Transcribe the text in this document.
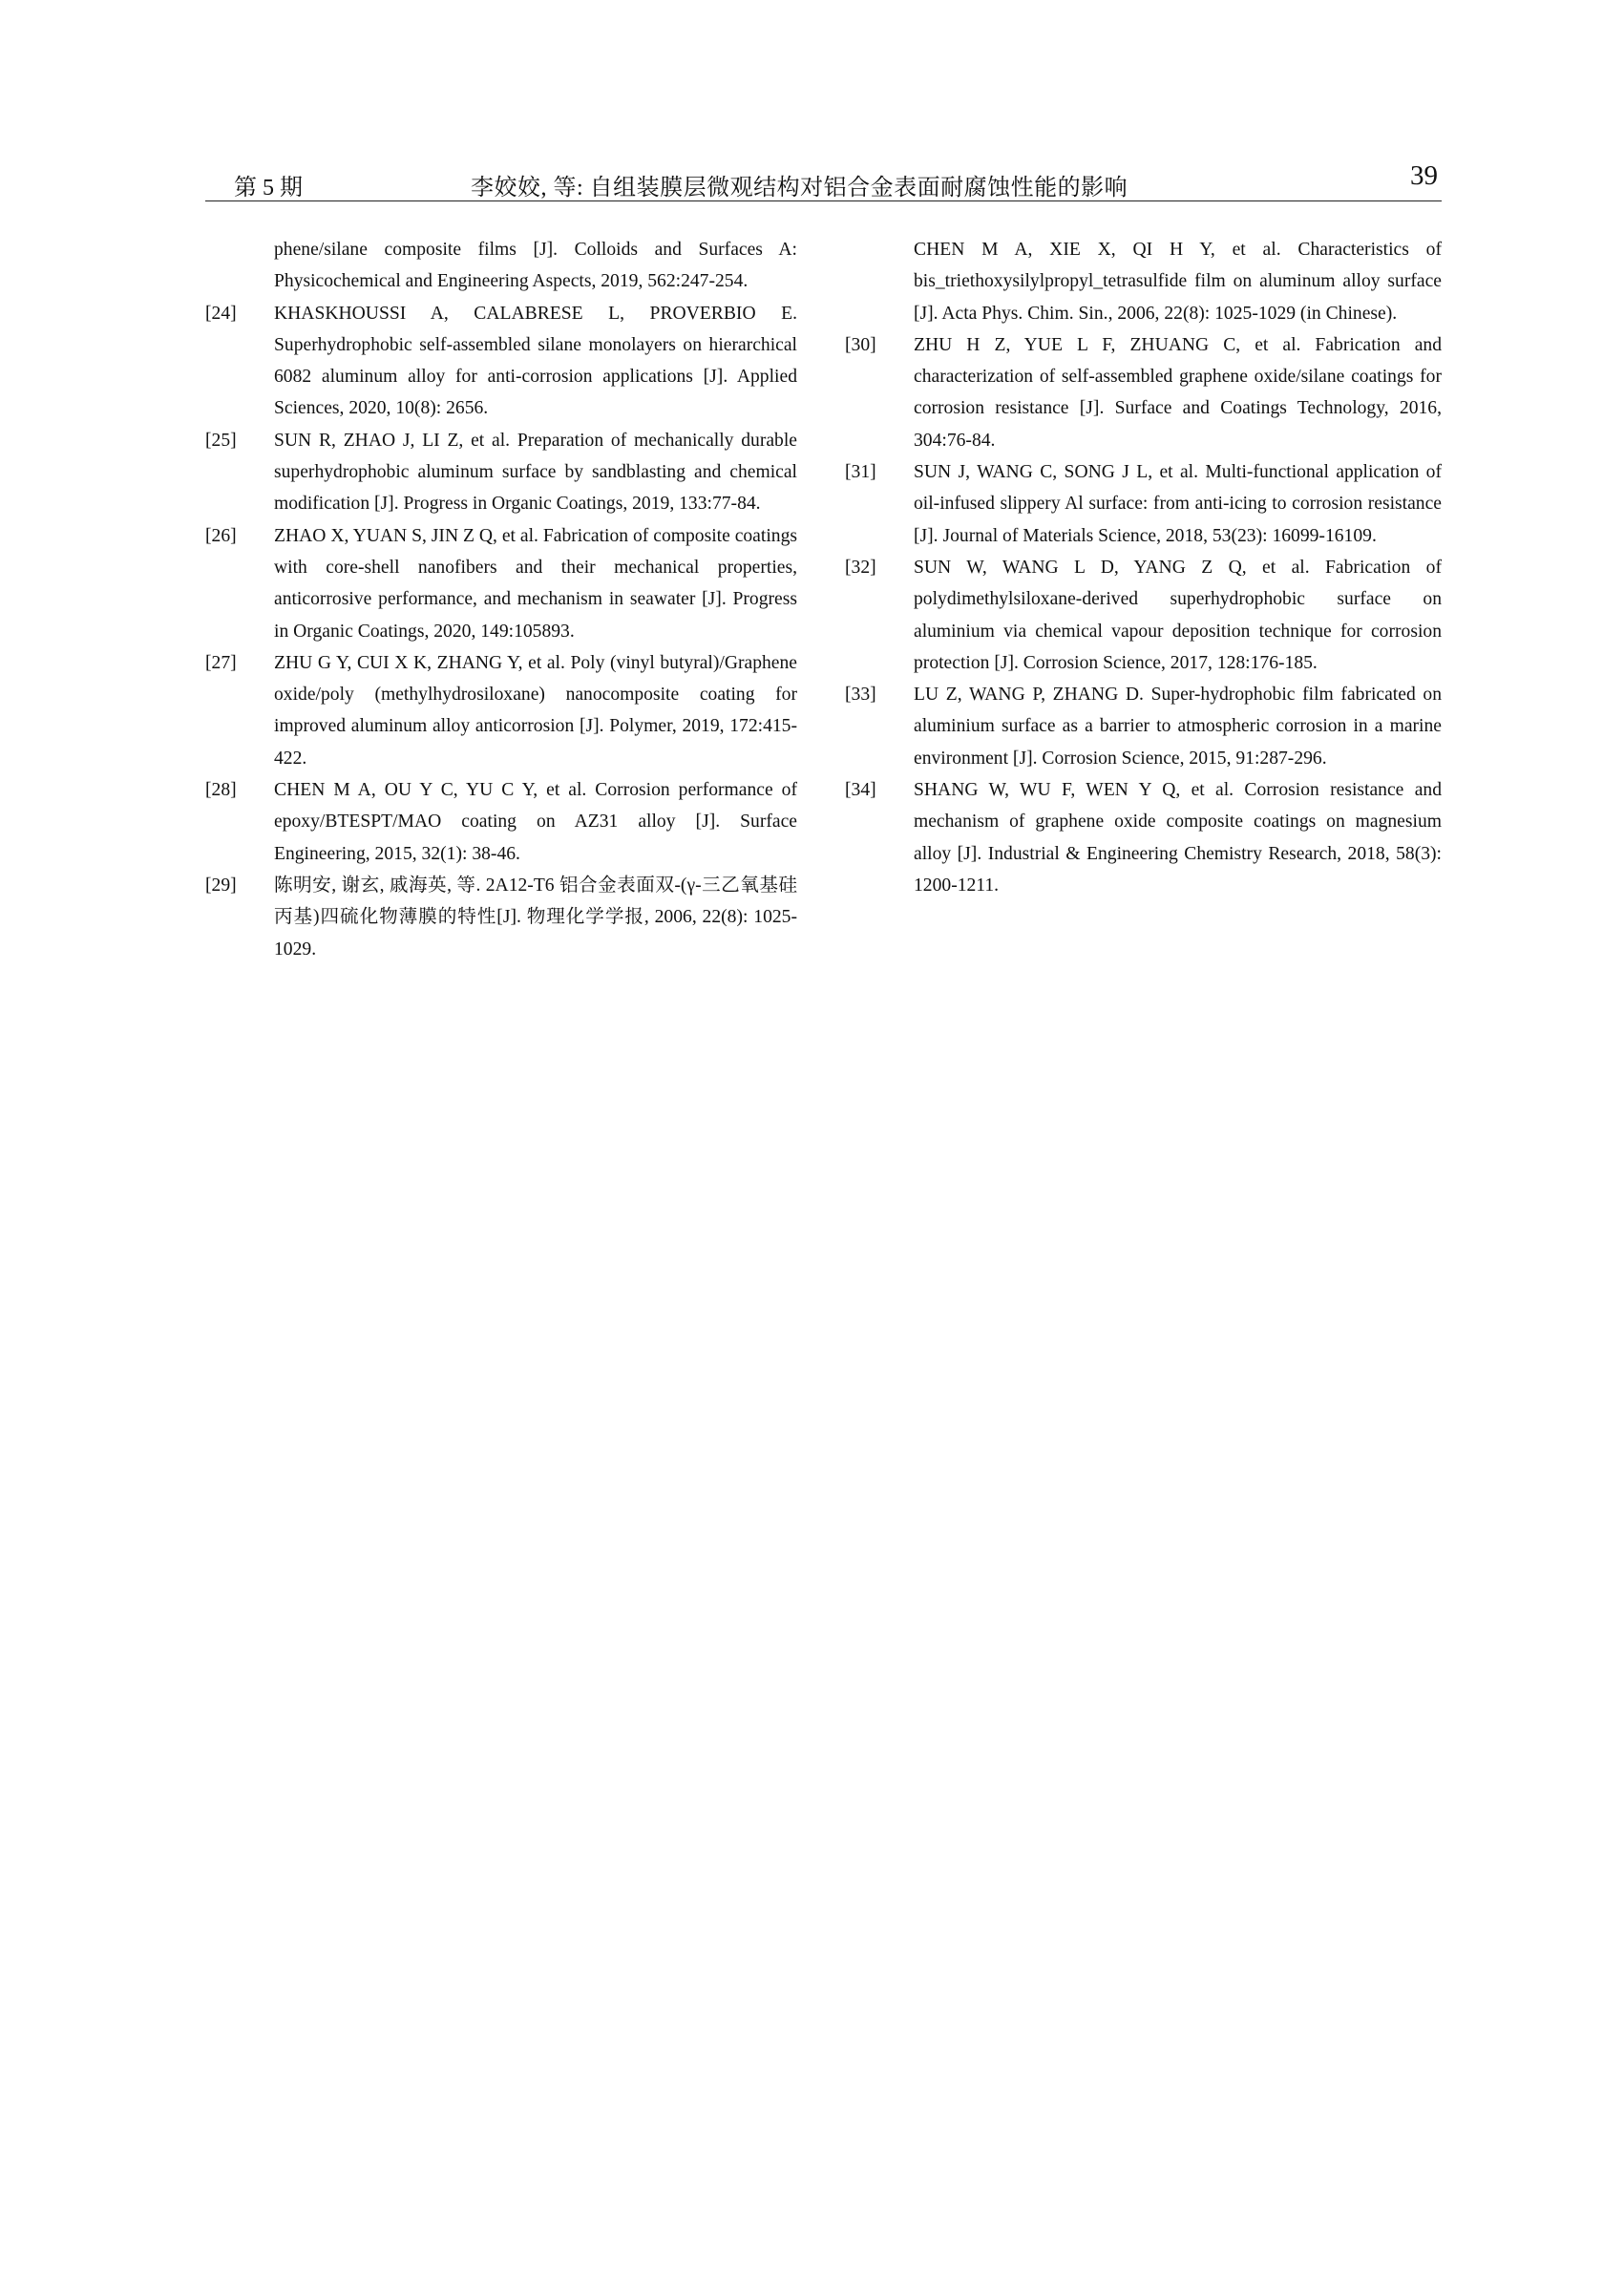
第 5 期	李姣姣, 等: 自组装膜层微观结构对铝合金表面耐腐蚀性能的影响	39
phene/silane composite films [J]. Colloids and Surfaces A: Physicochemical and Engineering Aspects, 2019, 562:247-254.
[24]	KHASKHOUSSI A, CALABRESE L, PROVERBIO E. Superhydrophobic self-assembled silane monolayers on hierarchical 6082 aluminum alloy for anti-corrosion applications [J]. Applied Sciences, 2020, 10(8): 2656.
[25]	SUN R, ZHAO J, LI Z, et al. Preparation of mechanically durable superhydrophobic aluminum surface by sandblasting and chemical modification [J]. Progress in Organic Coatings, 2019, 133:77-84.
[26]	ZHAO X, YUAN S, JIN Z Q, et al. Fabrication of composite coatings with core-shell nanofibers and their mechanical properties, anticorrosive performance, and mechanism in seawater [J]. Progress in Organic Coatings, 2020, 149:105893.
[27]	ZHU G Y, CUI X K, ZHANG Y, et al. Poly (vinyl butyral)/Graphene oxide/poly (methylhydrosiloxane) nanocomposite coating for improved aluminum alloy anticorrosion [J]. Polymer, 2019, 172:415-422.
[28]	CHEN M A, OU Y C, YU C Y, et al. Corrosion performance of epoxy/BTESPT/MAO coating on AZ31 alloy [J]. Surface Engineering, 2015, 32(1): 38-46.
[29]	陈明安, 谢玄, 戚海英, 等. 2A12-T6 铝合金表面双-(γ-三乙氧基硅丙基)四硫化物薄膜的特性[J]. 物理化学学报, 2006, 22(8): 1025-1029.
CHEN M A, XIE X, QI H Y, et al. Characteristics of bis_triethoxysilylpropyl_tetrasulfide film on aluminum alloy surface [J]. Acta Phys. Chim. Sin., 2006, 22(8): 1025-1029 (in Chinese).
[30]	ZHU H Z, YUE L F, ZHUANG C, et al. Fabrication and characterization of self-assembled graphene oxide/silane coatings for corrosion resistance [J]. Surface and Coatings Technology, 2016, 304:76-84.
[31]	SUN J, WANG C, SONG J L, et al. Multi-functional application of oil-infused slippery Al surface: from anti-icing to corrosion resistance [J]. Journal of Materials Science, 2018, 53(23): 16099-16109.
[32]	SUN W, WANG L D, YANG Z Q, et al. Fabrication of polydimethylsiloxane-derived superhydrophobic surface on aluminium via chemical vapour deposition technique for corrosion protection [J]. Corrosion Science, 2017, 128:176-185.
[33]	LU Z, WANG P, ZHANG D. Super-hydrophobic film fabricated on aluminium surface as a barrier to atmospheric corrosion in a marine environment [J]. Corrosion Science, 2015, 91:287-296.
[34]	SHANG W, WU F, WEN Y Q, et al. Corrosion resistance and mechanism of graphene oxide composite coatings on magnesium alloy [J]. Industrial & Engineering Chemistry Research, 2018, 58(3): 1200-1211.
